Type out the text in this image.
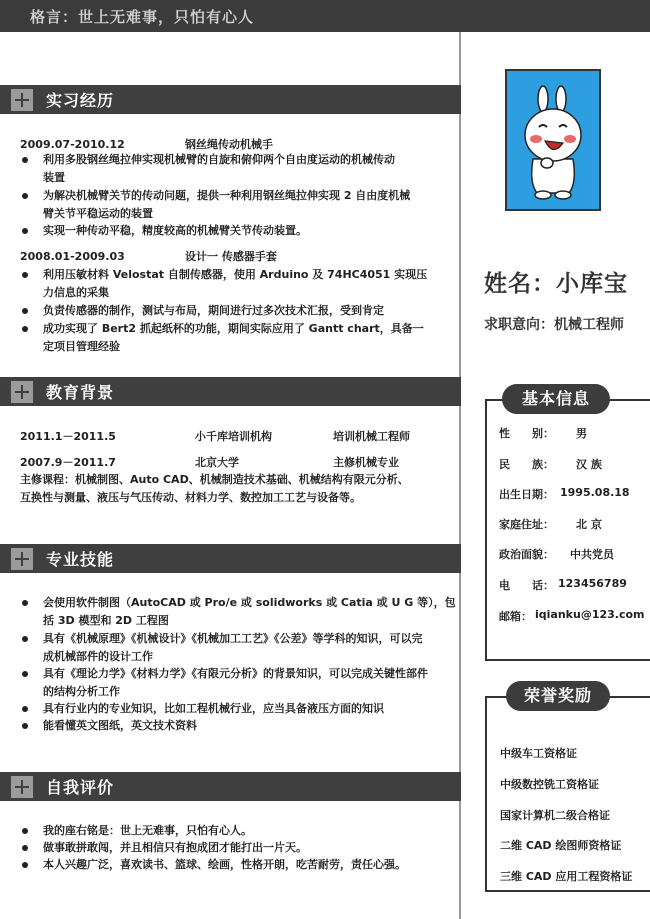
格言：世上无难事，只怕有心人
实习经历
2009.07-2010.12	钢丝绳传动机械手
利用多股钢丝绳拉伸实现机械臂的自旋和俯仰两个自由度运动的机械传动
装置
为解决机械臂关节的传动问题，提供一种利用钢丝绳拉伸实现 2 自由度机械
臂关节平稳运动的装置
实现一种传动平稳，精度较高的机械臂关节传动装置。
2008.01-2009.03	设计一 传感器手套
利用压敏材料 Velostat 自制传感器，使用 Arduino 及 74HC4051 实现压
力信息的采集
负责传感器的制作，测试与布局，期间进行过多次技术汇报，受到肯定
成功实现了 Bert2 抓起纸杯的功能，期间实际应用了 Gantt chart，具备一
定项目管理经验
教育背景
2011.1－2011.5	小千库培训机构	培训机械工程师
2007.9－2011.7	北京大学	主修机械专业
主修课程：机械制图、Auto CAD、机械制造技术基础、机械结构有限元分析、
互换性与测量、液压与气压传动、材料力学、数控加工工艺与设备等。
专业技能
会使用软件制图（AutoCAD 或 Pro/e 或 solidworks 或 Catia 或 U G 等），包
括 3D 模型和 2D 工程图
具有《机械原理》《机械设计》《机械加工工艺》《公差》等学科的知识，可以完
成机械部件的设计工作
具有《理论力学》《材料力学》《有限元分析》的背景知识，可以完成关键性部件
的结构分析工作
具有行业内的专业知识，比如工程机械行业，应当具备液压方面的知识
能看懂英文图纸，英文技术资料
自我评价
我的座右铭是：世上无难事，只怕有心人。
做事敢拼敢闯，并且相信只有抱成团才能打出一片天。
本人兴趣广泛，喜欢读书、篮球、绘画，性格开朗，吃苦耐劳，责任心强。
姓名：小库宝
求职意向：机械工程师
基本信息
性　　别： 男
民　　族： 汉 族
出生日期： 1995.08.18
家庭住址： 北 京
政治面貌： 中共党员
电　　话： 123456789
邮箱： iqianku@123.com
荣誉奖励
中级车工资格证
中级数控铣工资格证
国家计算机二级合格证
二维 CAD 绘图师资格证
三维 CAD 应用工程资格证
